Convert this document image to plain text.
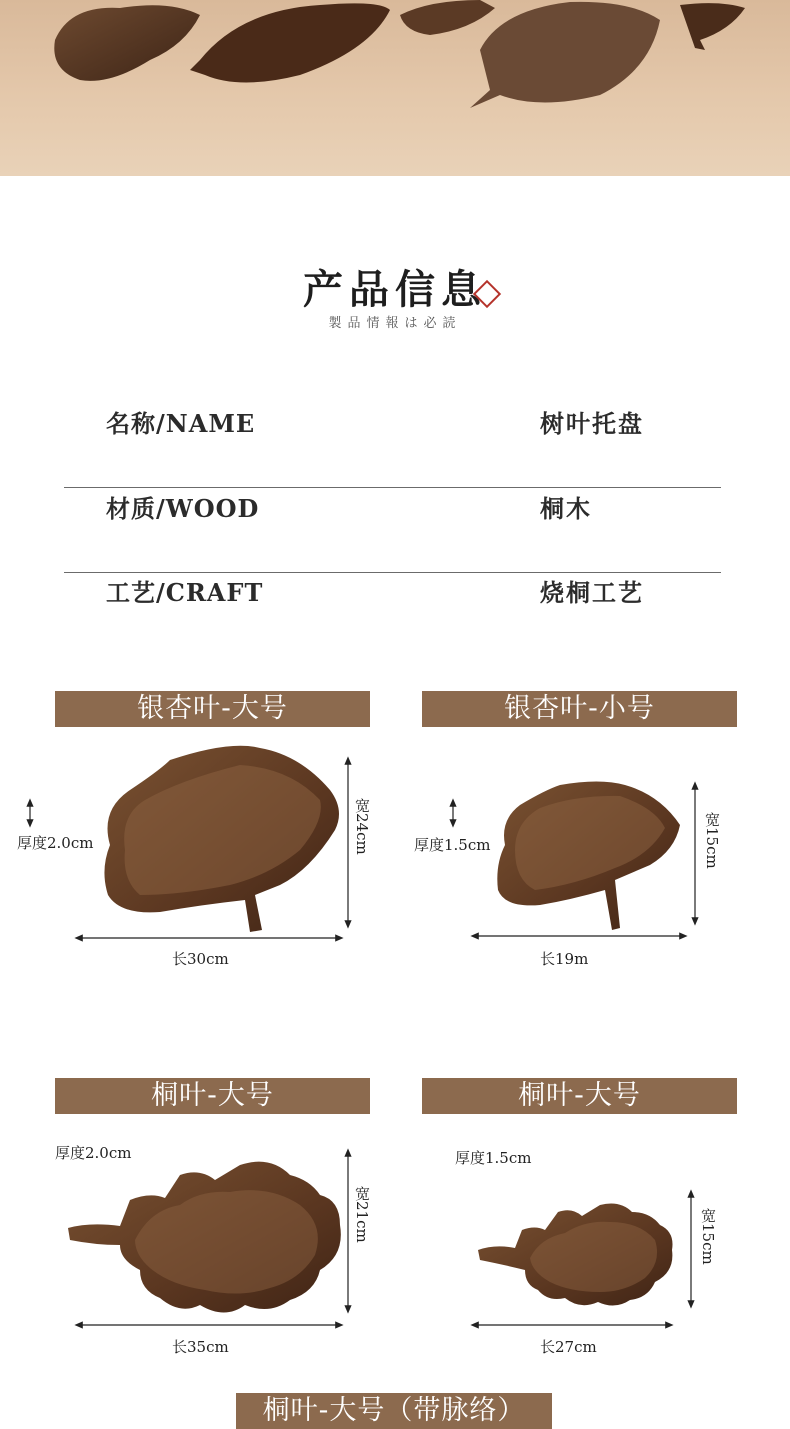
产品信息
製品情報は必読
名称/NAME	树叶托盘
材质/WOOD	桐木
工艺/CRAFT	烧桐工艺
银杏叶-大号	银杏叶-小号
桐叶-大号	桐叶-大号
桐叶-大号（带脉络）
厚度2.0cm	宽24cm
长30cm
厚度1.5cm	宽15cm
长19m
厚度2.0cm
宽21cm
长35cm
厚度1.5cm
宽15cm
长27cm
